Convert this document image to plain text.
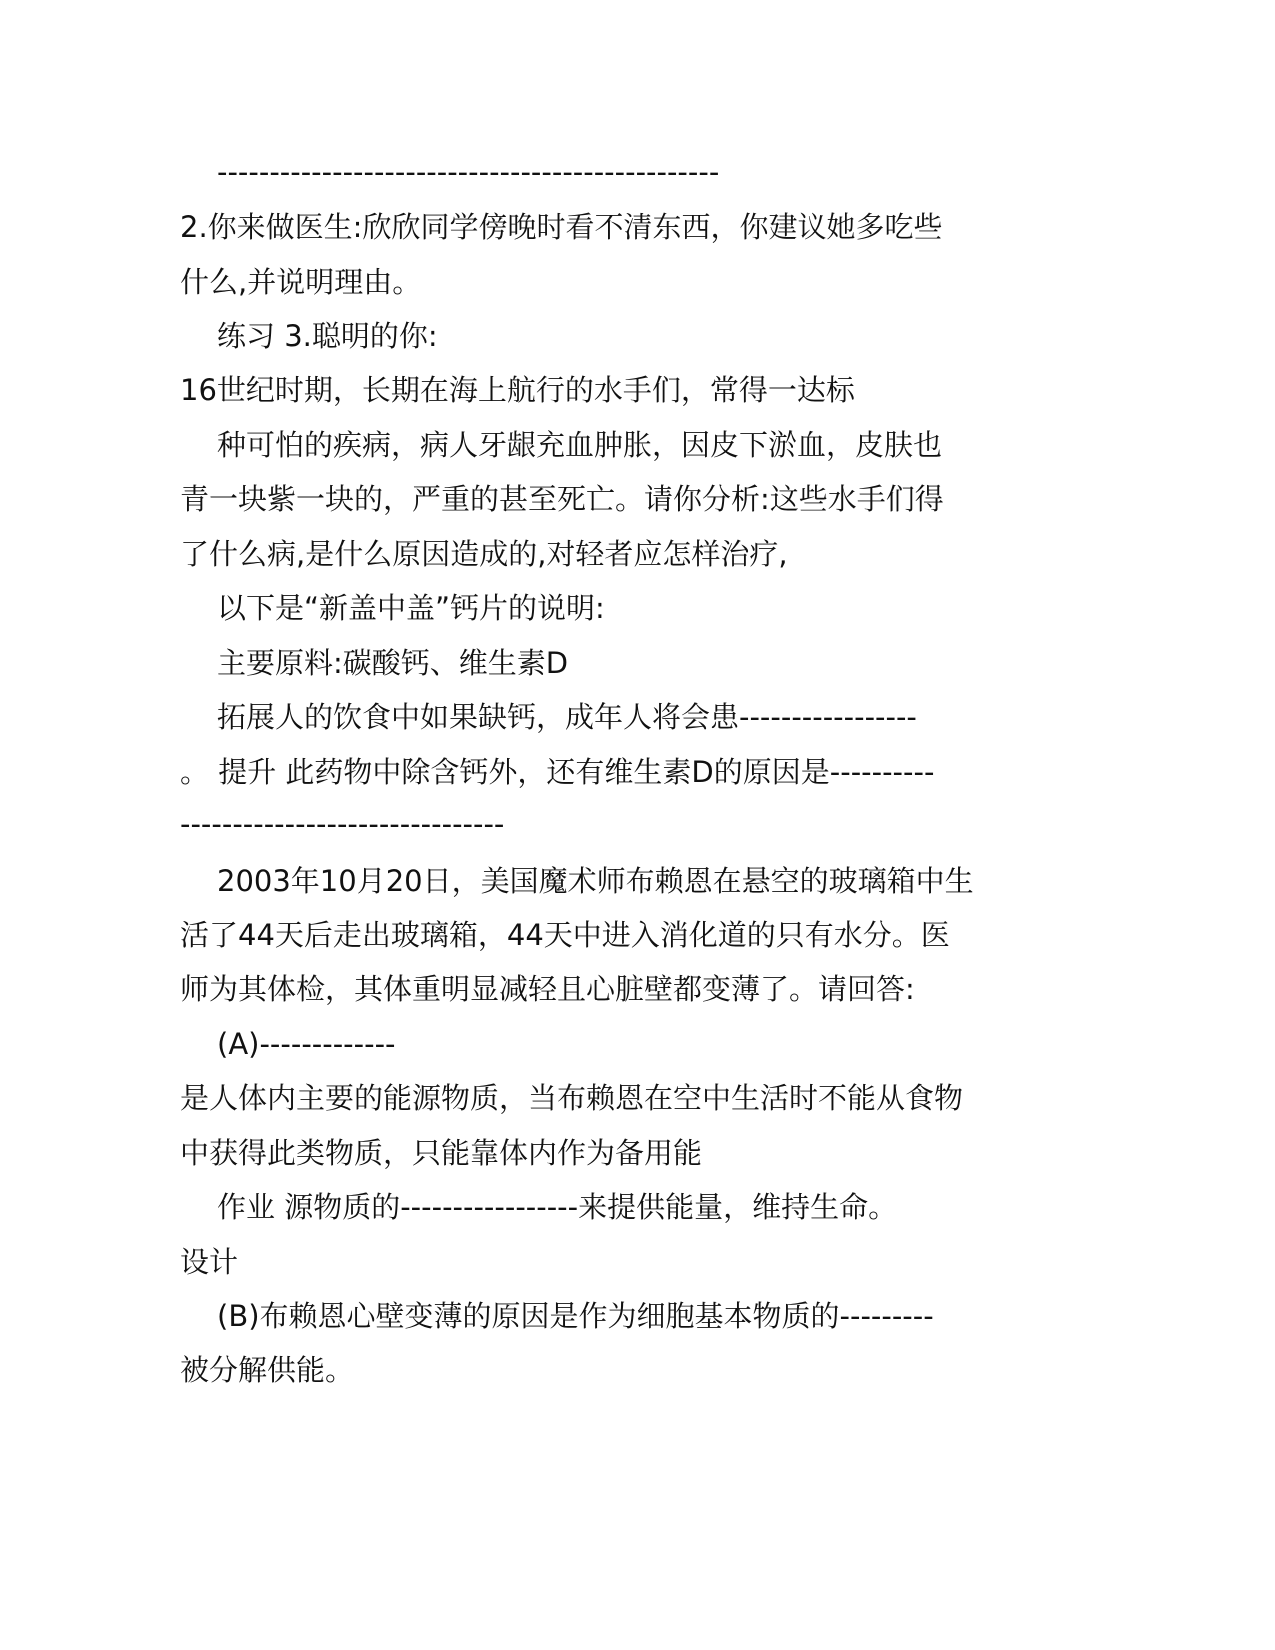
------------------------------------------------
2.你来做医生:欣欣同学傍晚时看不清东西，你建议她多吃些
什么,并说明理由。
练习 3.聪明的你:
16世纪时期，长期在海上航行的水手们，常得一达标
种可怕的疾病，病人牙龈充血肿胀，因皮下淤血，皮肤也
青一块紫一块的，严重的甚至死亡。请你分析:这些水手们得
了什么病,是什么原因造成的,对轻者应怎样治疗,
以下是“新盖中盖”钙片的说明:
主要原料:碳酸钙、维生素D
拓展人的饮食中如果缺钙，成年人将会患-----------------
。 提升 此药物中除含钙外，还有维生素D的原因是----------
-------------------------------
2003年10月20日，美国魔术师布赖恩在悬空的玻璃箱中生
活了44天后走出玻璃箱，44天中进入消化道的只有水分。医
师为其体检，其体重明显减轻且心脏壁都变薄了。请回答:
(A)-------------
是人体内主要的能源物质，当布赖恩在空中生活时不能从食物
中获得此类物质，只能靠体内作为备用能
作业 源物质的-----------------来提供能量，维持生命。
设计
(B)布赖恩心壁变薄的原因是作为细胞基本物质的---------
被分解供能。
